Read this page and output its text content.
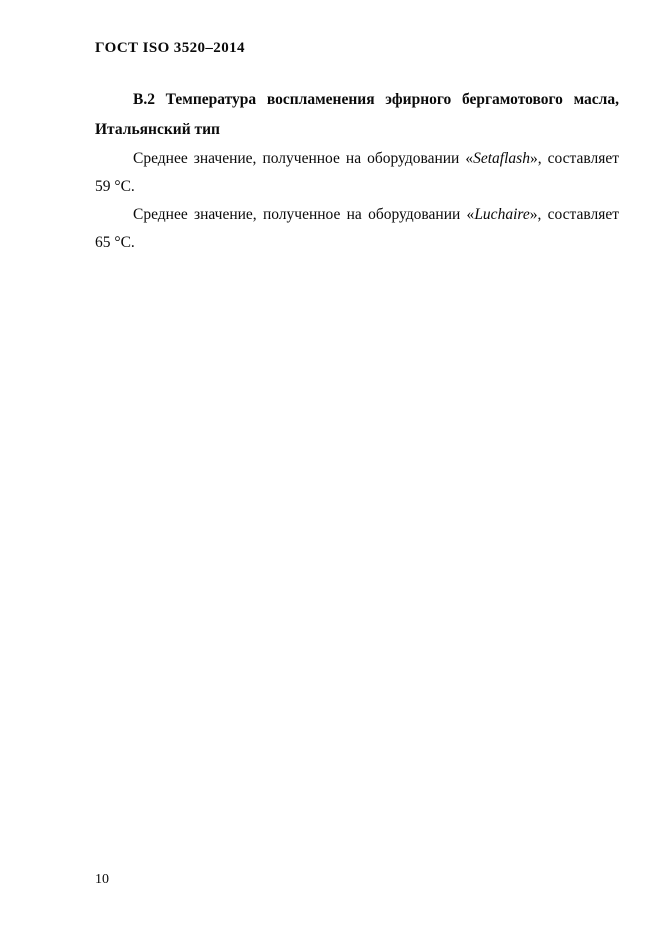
ГОСТ ISO 3520–2014
В.2 Температура воспламенения эфирного бергамотового масла,
Итальянский тип
Среднее значение, полученное на оборудовании «Setaflash», составляет
59 °С.
Среднее значение, полученное на оборудовании «Luchaire», составляет
65 °С.
10
